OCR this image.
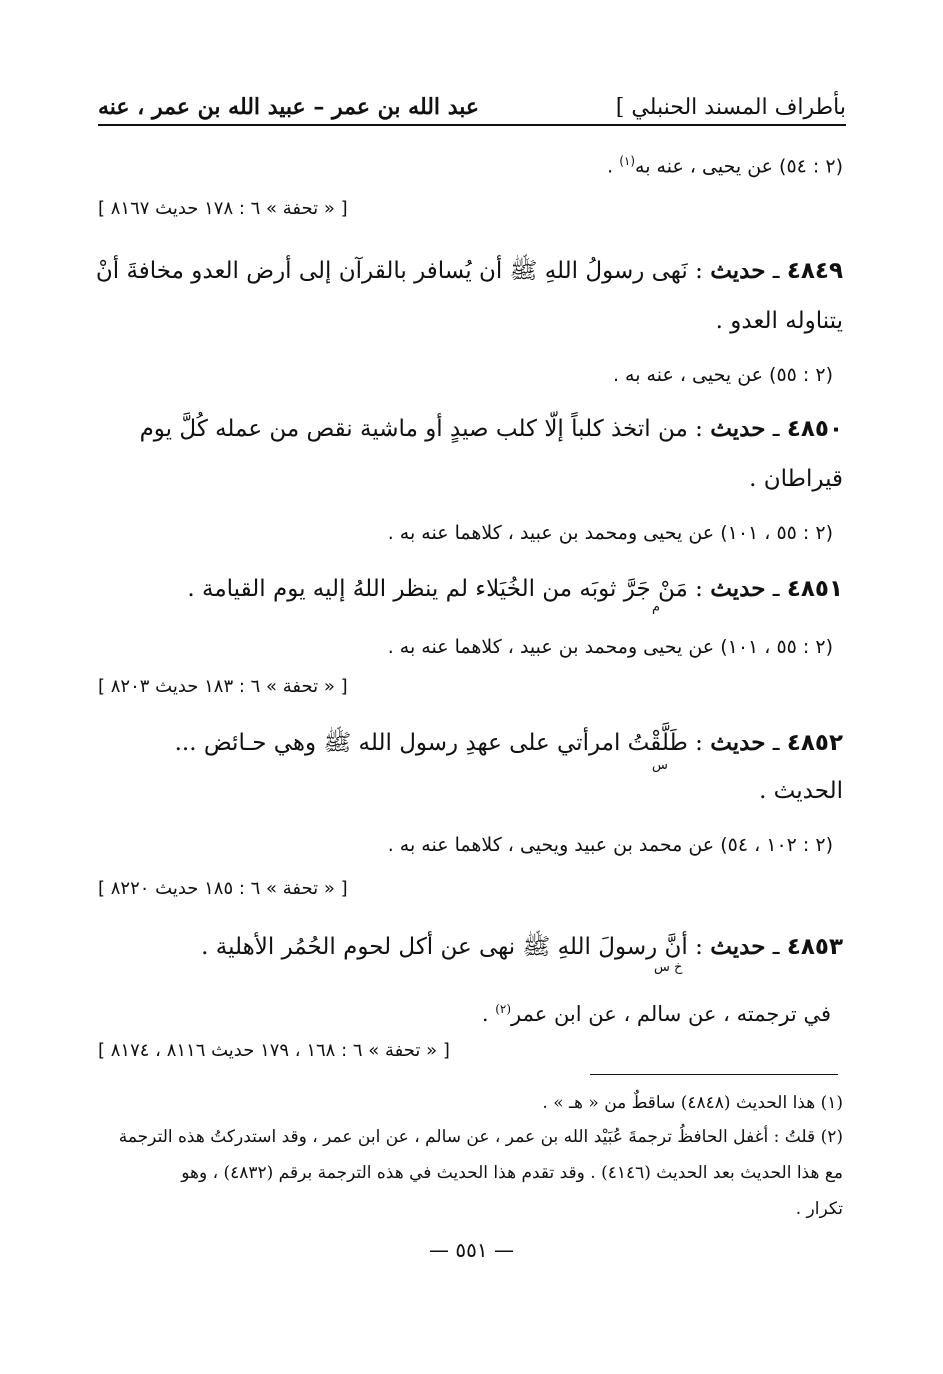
بأطراف المسند الحنبلي ]
عبد الله بن عمر – عبيد الله بن عمر ، عنه
(٢ : ٥٤) عن يحيى ، عنه به$^{(١)}$ .
[ « تحفة » ٦ : ١٧٨ حديث ٨١٦٧ ]
٤٨٤٩ ـ حديث : نَهى رسولُ اللهِ ﷺ أن يُسافر بالقرآن إلى أرض العدو مخافةَ أنْ
يتناوله العدو .
(٢ : ٥٥) عن يحيى ، عنه به .
٤٨٥٠ ـ حديث : من اتخذ كلباً إلّا كلب صيدٍ أو ماشية نقص من عمله كُلَّ يوم
قيراطان .
(٢ : ٥٥ ، ١٠١) عن يحيى ومحمد بن عبيد ، كلاهما عنه به .
٤٨٥١ ـ حديث : مَنْ جَرَّ ثوبَه من الخُيَلاء لم ينظر اللهُ إليه يوم القيامة .
م
(٢ : ٥٥ ، ١٠١) عن يحيى ومحمد بن عبيد ، كلاهما عنه به .
[ « تحفة » ٦ : ١٨٣ حديث ٨٢٠٣ ]
٤٨٥٢ ـ حديث : طَلَّقْتُ امرأتي على عهدِ رسول الله ﷺ وهي حـائض ...
س
الحديث .
(٢ : ١٠٢ ، ٥٤) عن محمد بن عبيد ويحيى ، كلاهما عنه به .
[ « تحفة » ٦ : ١٨٥ حديث ٨٢٢٠ ]
٤٨٥٣ ـ حديث : أنَّ رسولَ اللهِ ﷺ نهى عن أكل لحوم الحُمُر الأهلية .
خ س
في ترجمته ، عن سالم ، عن ابن عمر$^{(٢)}$ .
[ « تحفة » ٦ : ١٦٨ ، ١٧٩ حديث ٨١١٦ ، ٨١٧٤ ]
(١) هذا الحديث (٤٨٤٨) ساقطٌ من « هـ » .
(٢) قلتُ : أغفل الحافظُ ترجمةَ عُبَيْد الله بن عمر ، عن سالم ، عن ابن عمر ، وقد استدركتُ هذه الترجمة
مع هذا الحديث بعد الحديث (٤١٤٦) . وقد تقدم هذا الحديث في هذه الترجمة برقم (٤٨٣٢) ، وهو
تكرار .
— ٥٥١ —
